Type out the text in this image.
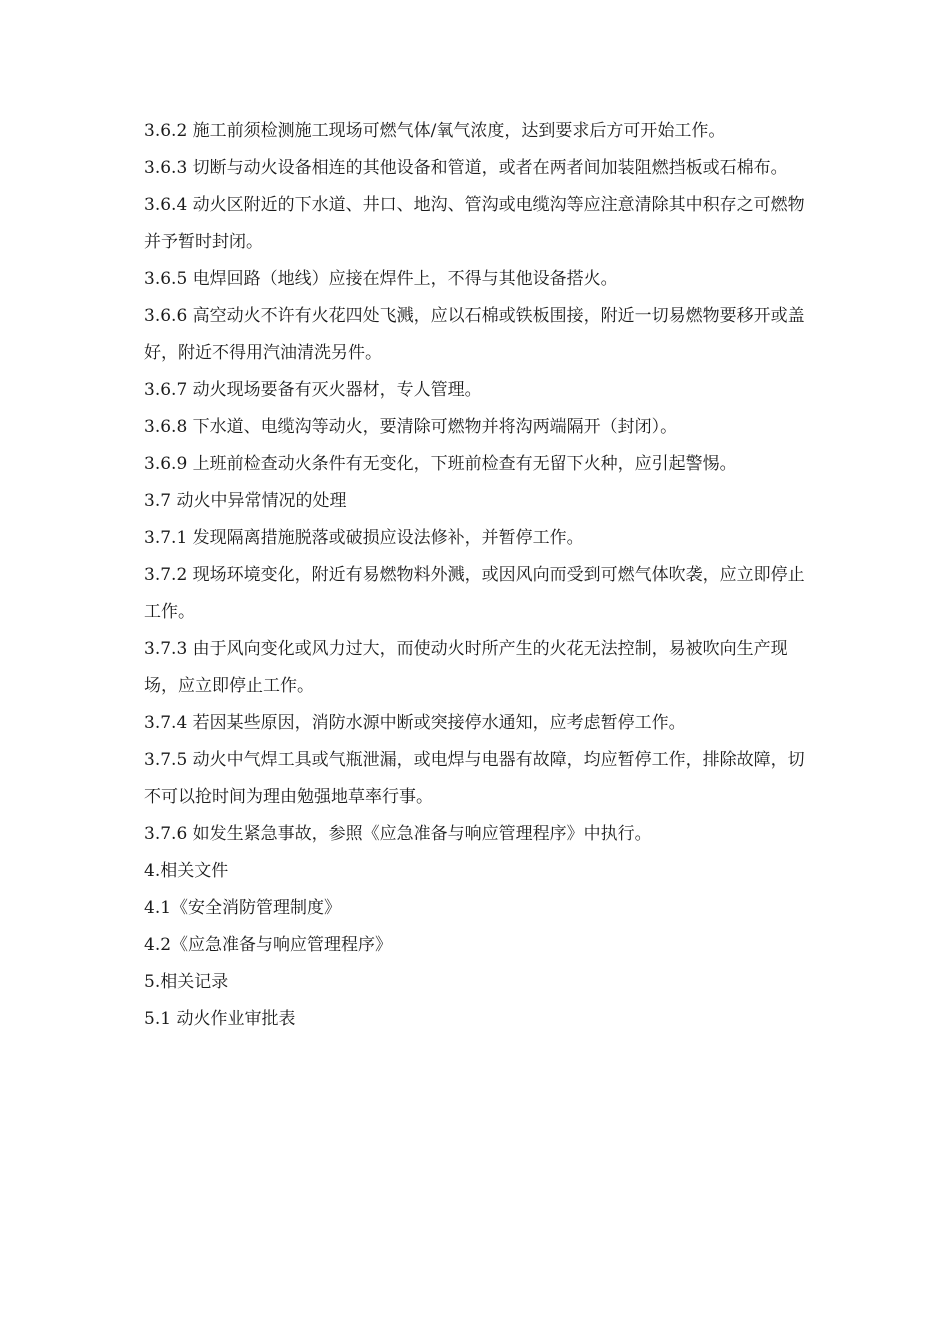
3.6.2 施工前须检测施工现场可燃气体/氧气浓度，达到要求后方可开始工作。

3.6.3 切断与动火设备相连的其他设备和管道，或者在两者间加装阻燃挡板或石棉布。

3.6.4 动火区附近的下水道、井口、地沟、管沟或电缆沟等应注意清除其中积存之可燃物并予暂时封闭。

3.6.5 电焊回路（地线）应接在焊件上，不得与其他设备搭火。

3.6.6 高空动火不许有火花四处飞溅，应以石棉或铁板围接，附近一切易燃物要移开或盖好，附近不得用汽油清洗另件。

3.6.7 动火现场要备有灭火器材，专人管理。

3.6.8 下水道、电缆沟等动火，要清除可燃物并将沟两端隔开（封闭）。

3.6.9 上班前检查动火条件有无变化，下班前检查有无留下火种，应引起警惕。

3.7 动火中异常情况的处理

3.7.1 发现隔离措施脱落或破损应设法修补，并暂停工作。

3.7.2 现场环境变化，附近有易燃物料外溅，或因风向而受到可燃气体吹袭，应立即停止工作。

3.7.3 由于风向变化或风力过大，而使动火时所产生的火花无法控制，易被吹向生产现场，应立即停止工作。

3.7.4 若因某些原因，消防水源中断或突接停水通知，应考虑暂停工作。

3.7.5 动火中气焊工具或气瓶泄漏，或电焊与电器有故障，均应暂停工作，排除故障，切不可以抢时间为理由勉强地草率行事。

3.7.6 如发生紧急事故，参照《应急准备与响应管理程序》中执行。

4.相关文件

4.1《安全消防管理制度》

4.2《应急准备与响应管理程序》

5.相关记录

5.1 动火作业审批表
